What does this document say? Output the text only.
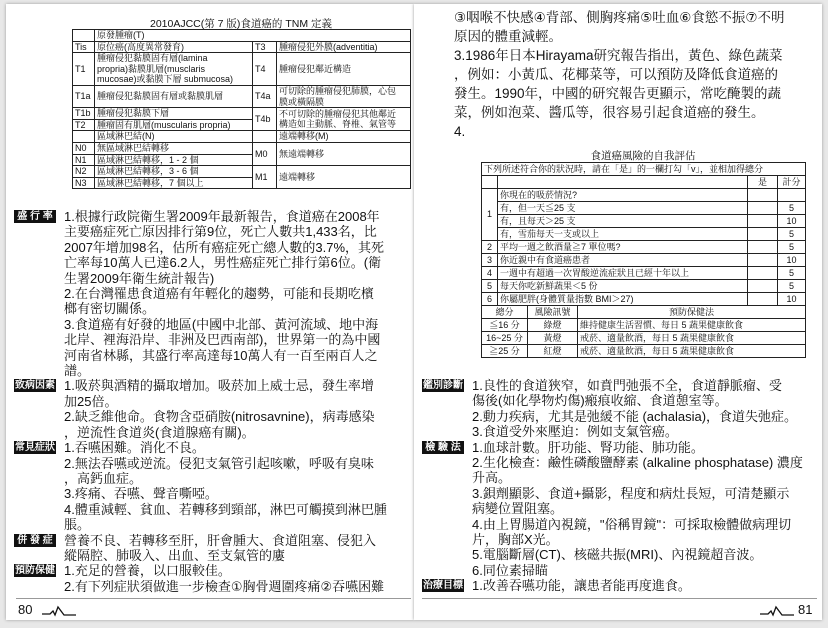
2010AJCC(第 7 版)食道癌的 TNM 定義
	原發腫瘤(T)		
Tis	原位癌(高度異常發育)	T3	腫瘤侵犯外膜(adventitia)
T1	腫瘤侵犯黏膜固有層(lamina
propria)黏膜肌層(musclaris
mucosae)或黏膜下層 submucosa)	T4	腫瘤侵犯鄰近構造
T1a	腫瘤侵犯黏膜固有層或黏膜肌層	T4a	可切除的腫瘤侵犯肺膜，心包
膜或橫隔膜
T1b	腫瘤侵犯黏膜下層	T4b	不可切除的腫瘤侵犯其他鄰近
構造如主動脈、脊椎、氣管等
T2	腫瘤固有肌層(muscularis propria)		
	區域淋巴結(N)		遠端轉移(M)
N0	無區域淋巴結轉移	M0	無遠端轉移
N1	區域淋巴結轉移，1 - 2 個		
N2	區域淋巴結轉移，3 - 6 個	M1	遠端轉移
N3	區域淋巴結轉移，7 個以上		
盛 行 率 1.根據行政院衛生署2009年最新報告，食道癌在2008年
主要癌症死亡原因排行第9位，死亡人數共1,433名，比
2007年增加98名，估所有癌症死亡總人數的3.7%，其死
亡率每10萬人已達6.2人，男性癌症死亡排行第6位。(衛
生署2009年衛生統計報告)
2.在台灣罹患食道癌有年輕化的趨勢，可能和長期吃檳
榔有密切關係。
3.食道癌有好發的地區(中國中北部、黃河流域、地中海
北岸、裡海沿岸、非洲及巴西南部)，世界第一的為中國
河南省林縣，其盛行率高達每10萬人有一百至兩百人之
譜。
致病因素 1.吸菸與酒精的攝取增加。吸菸加上威士忌，發生率增
加25倍。
2.缺乏維他命。食物含亞硝胺(nitrosavnine)，病毒感染
，逆流性食道炎(食道腺癌有關)。
常見症狀 1.吞嚥困難。消化不良。
2.無法吞嚥或逆流。侵犯支氣管引起咳嗽，呼吸有臭味
，高鈣血症。
3.疼痛、吞嚥、聲音嘶啞。
4.體重減輕、貧血、若轉移到頸部，淋巴可觸摸到淋巴腫
脹。
併 發 症 營養不良、若轉移至肝，肝會腫大、食道阻塞、侵犯入
縱隔腔、肺吸入、出血、至支氣管的廔
預防保健 1.充足的營養，以口服較佳。
2.有下列症狀須做進一步檢查①胸骨週圍疼痛②吞嚥困難
80
③咽喉不快感④背部、側胸疼痛⑤吐血⑥食慾不振⑦不明
原因的體重減輕。
3.1986年日本Hirayama研究報告指出，黃色、綠色蔬菜
，例如：小黃瓜、花椰菜等，可以預防及降低食道癌的
發生。1990年，中國的研究報告更顯示，常吃醃製的蔬
菜，例如泡菜、醬瓜等，很容易引起食道癌的發生。
4.
食道癌風險的自我評估
下列所述符合你的狀況時，請在「是」的一欄打勾「v」，並相加得總分					
				是	計分
1	你現在的吸菸情況?				
	有，但一天≦25 支				5
	有，且每天＞25 支				10
	有，雪茄每天一支或以上				5
2	平均一週之飲酒量≧7 單位嗎?				5
3	你近親中有食道癌患者				10
4	一週中有超過一次胃酸逆流症狀且已經十年以上				5
5	每天你吃新鮮蔬果＜5 份				5
6	你屬肥胖(身體質量指數 BMI＞27)				10
總分		風險訊號	預防保健法		
≦16 分		綠燈	維持健康生活習慣、每日 5 蔬果健康飲食		
16~25 分		黃燈	戒菸、適量飲酒，每日 5 蔬果健康飲食		
≧25 分		紅燈	戒菸、適量飲酒，每日 5 蔬果健康飲食		
鑑別診斷 1.良性的食道狹窄，如賁門弛張不全，食道靜脈瘤、受
傷後(如化學物灼傷)瘢痕收縮、食道憩室等。
2.動力疾病，尤其是弛緩不能 (achalasia)，食道失弛症。
3.食道受外來壓迫：例如支氣管癌。
檢 驗 法 1.血球計數。肝功能、腎功能、肺功能。
2.生化檢查：鹼性磷酸鹽酵素 (alkaline phosphatase) 濃度
升高。
3.鋇劑顯影、食道+攝影，程度和病灶長短，可清楚顯示
病變位置阻塞。
4.由上胃腸道內視鏡，"俗稱胃鏡"：可採取檢體做病理切
片，胸部X光。
5.電腦斷層(CT)、核磁共振(MRI)、內視鏡超音波。
6.同位素掃瞄
治療目標 1.改善吞嚥功能，讓患者能再度進食。
81
